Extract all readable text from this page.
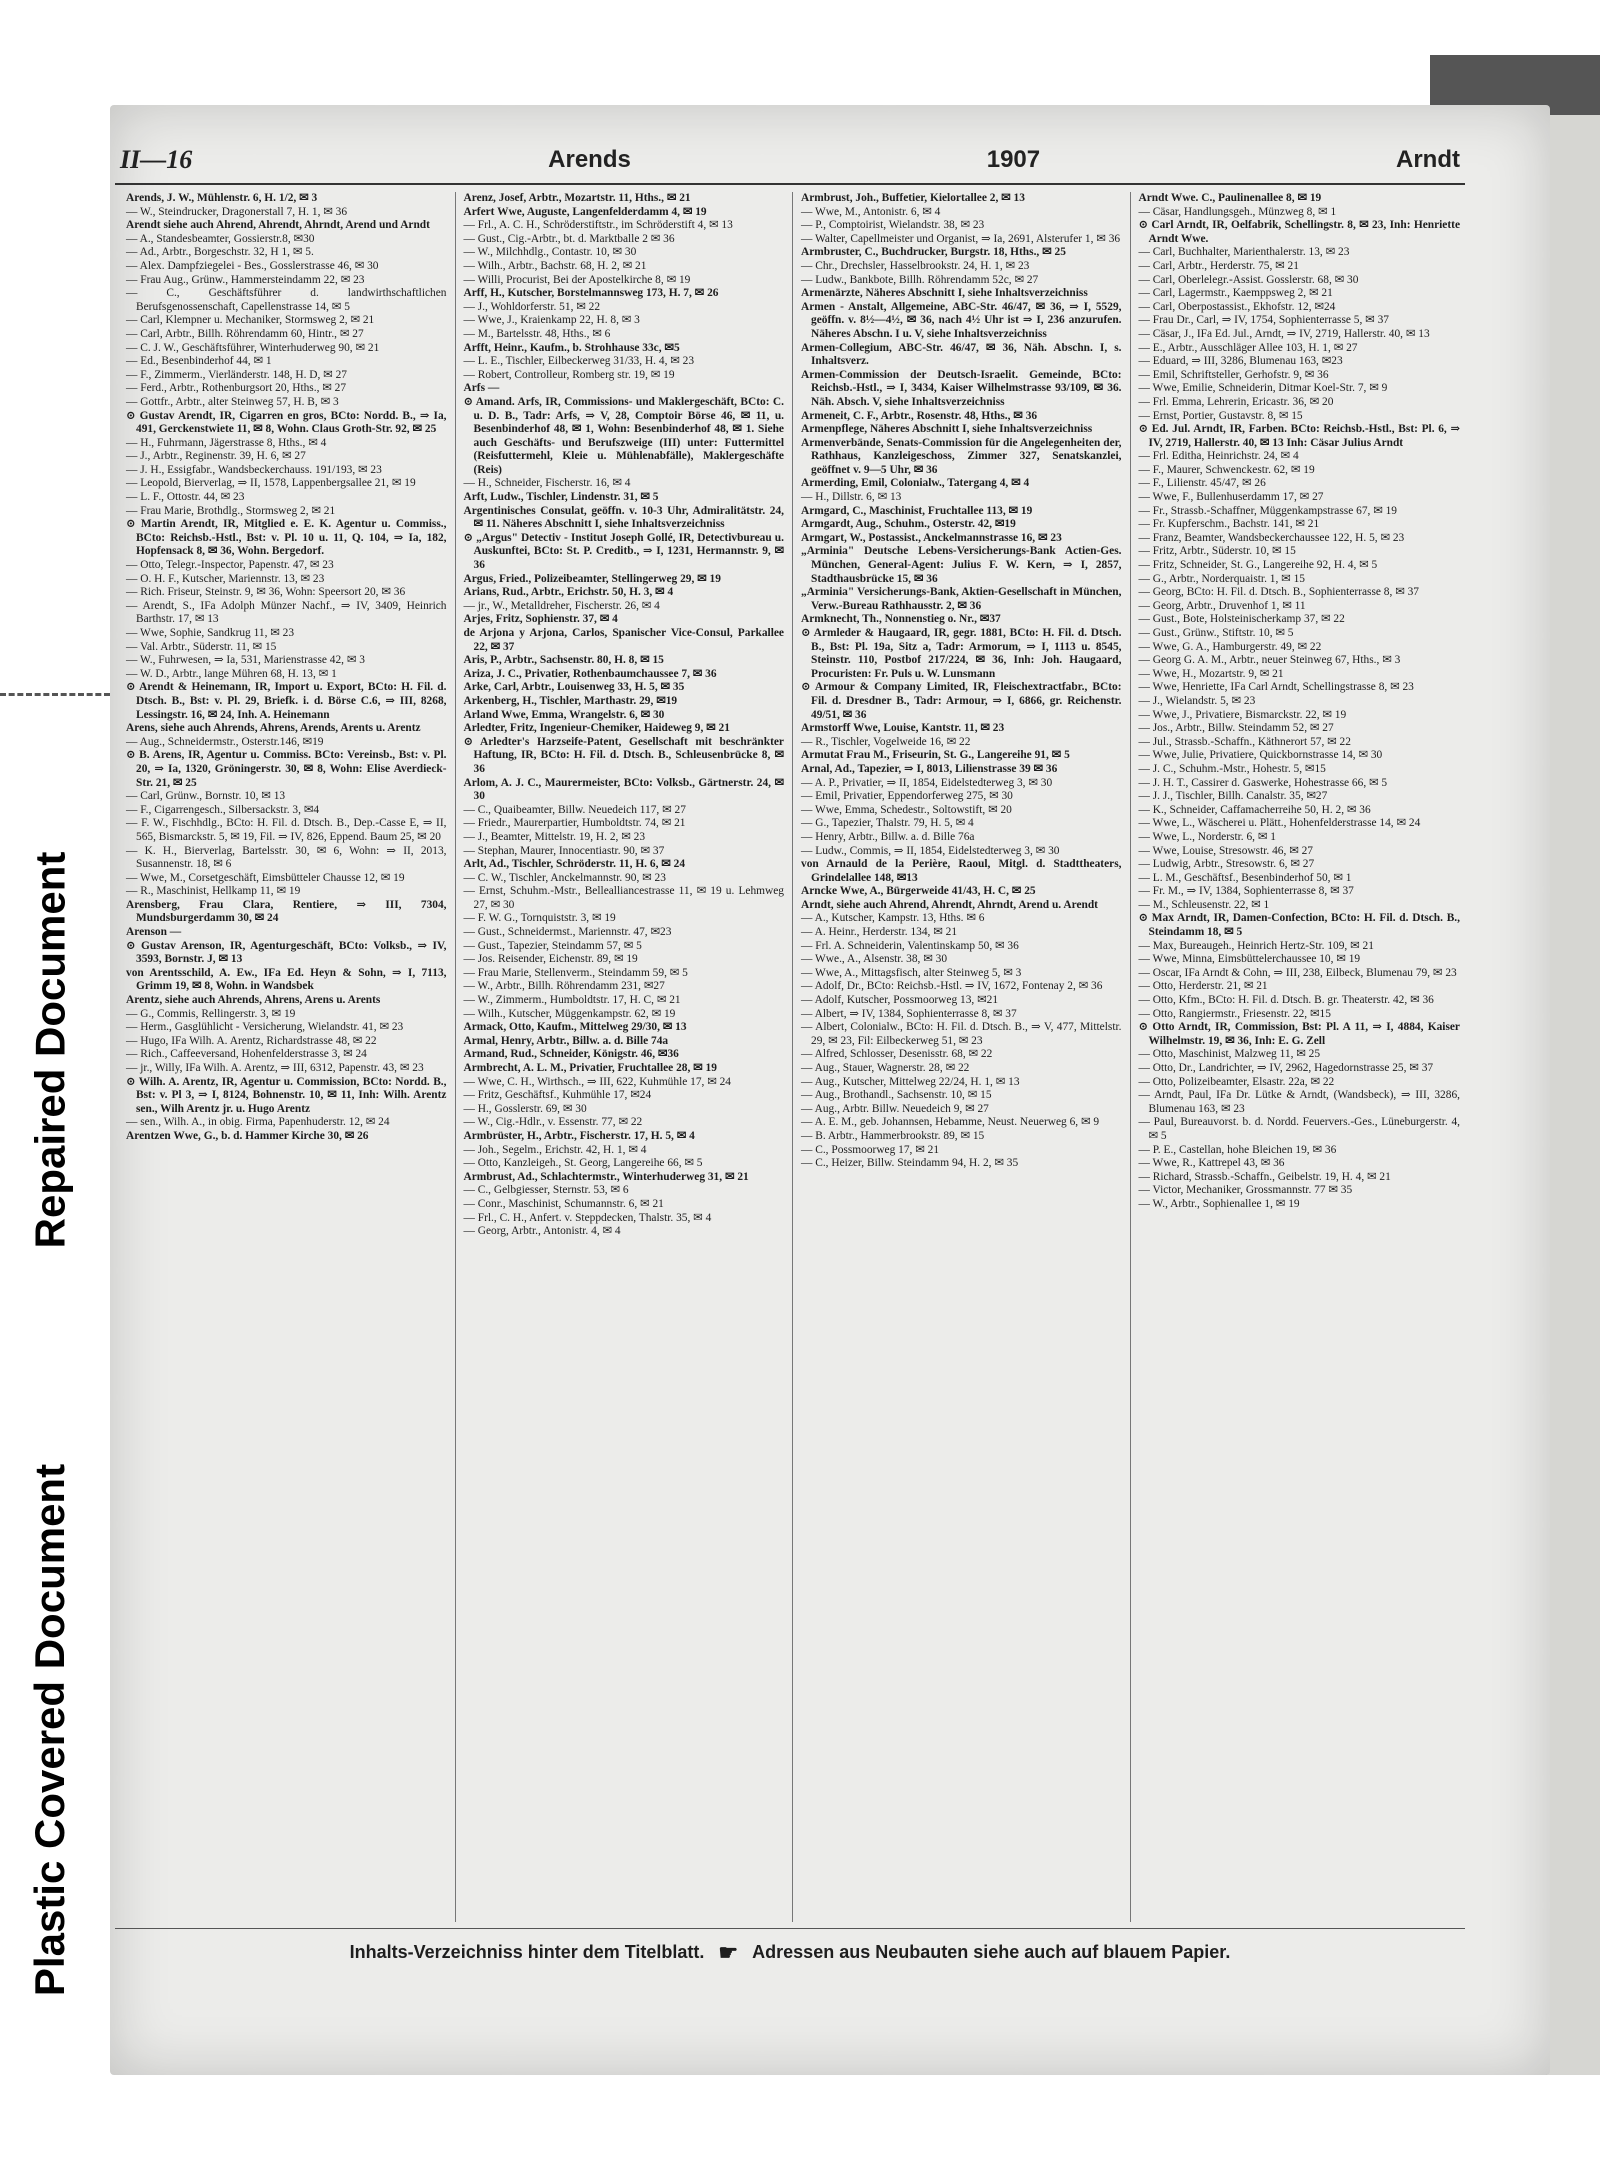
Repaired Document
Plastic Covered Document
II—16	Arends	1907	Arndt

Arends, J. W., Mühlenstr. 6, H. 1/2, ✉ 3

— W., Steindrucker, Dragonerstall 7, H. 1, ✉ 36

Arendt siehe auch Ahrend, Ahrendt, Ahrndt, Arend und Arndt

— A., Standesbeamter, Gossierstr.8, ✉30

— Ad., Arbtr., Borgeschstr. 32, H 1, ✉ 5.

— Alex. Dampfziegelei - Bes., Gosslerstrasse 46, ✉ 30

— Frau Aug., Grünw., Hammersteindamm 22, ✉ 23

— C., Geschäftsführer d. landwirthschaftlichen Berufsgenossenschaft, Capellenstrasse 14, ✉ 5

— Carl, Klempner u. Mechaniker, Stormsweg 2, ✉ 21

— Carl, Arbtr., Billh. Röhrendamm 60, Hintr., ✉ 27

— C. J. W., Geschäftsführer, Winterhuderweg 90, ✉ 21

— Ed., Besenbinderhof 44, ✉ 1

— F., Zimmerm., Vierländerstr. 148, H. D, ✉ 27

— Ferd., Arbtr., Rothenburgsort 20, Hths., ✉ 27

— Gottfr., Arbtr., alter Steinweg 57, H. B, ✉ 3

⊙ Gustav Arendt, IR, Cigarren en gros, BCto: Nordd. B., ⇒ Ia, 491, Gerckenstwiete 11, ✉ 8, Wohn. Claus Groth-Str. 92, ✉ 25

— H., Fuhrmann, Jägerstrasse 8, Hths., ✉ 4

— J., Arbtr., Reginenstr. 39, H. 6, ✉ 27

— J. H., Essigfabr., Wandsbeckerchauss. 191/193, ✉ 23

— Leopold, Bierverlag, ⇒ II, 1578, Lappenbergsallee 21, ✉ 19

— L. F., Ottostr. 44, ✉ 23

— Frau Marie, Brothdlg., Stormsweg 2, ✉ 21

⊙ Martin Arendt, IR, Mitglied e. E. K. Agentur u. Commiss., BCto: Reichsb.-Hstl., Bst: v. Pl. 10 u. 11, Q. 104, ⇒ Ia, 182, Hopfensack 8, ✉ 36, Wohn. Bergedorf.

— Otto, Telegr.-Inspector, Papenstr. 47, ✉ 23

— O. H. F., Kutscher, Mariennstr. 13, ✉ 23

— Rich. Friseur, Steinstr. 9, ✉ 36, Wohn: Speersort 20, ✉ 36

— Arendt, S., IFa Adolph Münzer Nachf., ⇒ IV, 3409, Heinrich Barthstr. 17, ✉ 13

— Wwe, Sophie, Sandkrug 11, ✉ 23

— Val. Arbtr., Süderstr. 11, ✉ 15

— W., Fuhrwesen, ⇒ Ia, 531, Marienstrasse 42, ✉ 3

— W. D., Arbtr., lange Mühren 68, H. 13, ✉ 1

⊙ Arendt & Heinemann, IR, Import u. Export, BCto: H. Fil. d. Dtsch. B., Bst: v. Pl. 29, Briefk. i. d. Börse C.6, ⇒ III, 8268, Lessingstr. 16, ✉ 24, Inh. A. Heinemann

Arens, siehe auch Ahrends, Ahrens, Arends, Arents u. Arentz

— Aug., Schneidermstr., Osterstr.146, ✉19

⊙ B. Arens, IR, Agentur u. Commiss. BCto: Vereinsb., Bst: v. Pl. 20, ⇒ Ia, 1320, Gröningerstr. 30, ✉ 8, Wohn: Elise Averdieck-Str. 21, ✉ 25

— Carl, Grünw., Bornstr. 10, ✉ 13

— F., Cigarrengesch., Silbersackstr. 3, ✉4

— F. W., Fischhdlg., BCto: H. Fil. d. Dtsch. B., Dep.-Casse E, ⇒ II, 565, Bismarckstr. 5, ✉ 19, Fil. ⇒ IV, 826, Eppend. Baum 25, ✉ 20

— K. H., Bierverlag, Bartelsstr. 30, ✉ 6, Wohn: ⇒ II, 2013, Susannenstr. 18, ✉ 6

— Wwe, M., Corsetgeschäft, Eimsbütteler Chausse 12, ✉ 19

— R., Maschinist, Hellkamp 11, ✉ 19

Arensberg, Frau Clara, Rentiere, ⇒ III, 7304, Mundsburgerdamm 30, ✉ 24

Arenson —

⊙ Gustav Arenson, IR, Agenturgeschäft, BCto: Volksb., ⇒ IV, 3593, Bornstr. J, ✉ 13

von Arentsschild, A. Ew., IFa Ed. Heyn & Sohn, ⇒ I, 7113, Grimm 19, ✉ 8, Wohn. in Wandsbek

Arentz, siehe auch Ahrends, Ahrens, Arens u. Arents

— G., Commis, Rellingerstr. 3, ✉ 19

— Herm., Gasglühlicht - Versicherung, Wielandstr. 41, ✉ 23

— Hugo, IFa Wilh. A. Arentz, Richardstrasse 48, ✉ 22

— Rich., Caffeeversand, Hohenfelderstrasse 3, ✉ 24

— jr., Willy, IFa Wilh. A. Arentz, ⇒ III, 6312, Papenstr. 43, ✉ 23

⊙ Wilh. A. Arentz, IR, Agentur u. Commission, BCto: Nordd. B., Bst: v. Pl 3, ⇒ I, 8124, Bohnenstr. 10, ✉ 11, Inh: Wilh. Arentz sen., Wilh Arentz jr. u. Hugo Arentz

— sen., Wilh. A., in obig. Firma, Papenhuderstr. 12, ✉ 24

Arentzen Wwe, G., b. d. Hammer Kirche 30, ✉ 26

Arenz, Josef, Arbtr., Mozartstr. 11, Hths., ✉ 21

Arfert Wwe, Auguste, Langenfelderdamm 4, ✉ 19

— Frl., A. C. H., Schröderstiftstr., im Schröderstift 4, ✉ 13

— Gust., Cig.-Arbtr., bt. d. Marktballe 2 ✉ 36

— W., Milchhdlg., Contastr. 10, ✉ 30

— Wilh., Arbtr., Bachstr. 68, H. 2, ✉ 21

— Willi, Procurist, Bei der Apostelkirche 8, ✉ 19

Arff, H., Kutscher, Borstelmannsweg 173, H. 7, ✉ 26

— J., Wohldorferstr. 51, ✉ 22

— Wwe, J., Kraienkamp 22, H. 8, ✉ 3

— M., Bartelsstr. 48, Hths., ✉ 6

Arfft, Heinr., Kaufm., b. Strohhause 33c, ✉5

— L. E., Tischler, Eilbeckerweg 31/33, H. 4, ✉ 23

— Robert, Controlleur, Romberg str. 19, ✉ 19

Arfs —

⊙ Amand. Arfs, IR, Commissions- und Maklergeschäft, BCto: C. u. D. B., Tadr: Arfs, ⇒ V, 28, Comptoir Börse 46, ✉ 11, u. Besenbinderhof 48, ✉ 1, Wohn: Besenbinderhof 48, ✉ 1. Siehe auch Geschäfts- und Berufszweige (III) unter: Futtermittel (Reisfuttermehl, Kleie u. Mühlenabfälle), Maklergeschäfte (Reis)

— H., Schneider, Fischerstr. 16, ✉ 4

Arft, Ludw., Tischler, Lindenstr. 31, ✉ 5

Argentinisches Consulat, geöffn. v. 10-3 Uhr, Admiralitätstr. 24, ✉ 11. Näheres Abschnitt I, siehe Inhaltsverzeichniss

⊙ „Argus" Detectiv - Institut Joseph Gollé, IR, Detectivbureau u. Auskunftei, BCto: St. P. Creditb., ⇒ I, 1231, Hermannstr. 9, ✉ 36

Argus, Fried., Polizeibeamter, Stellingerweg 29, ✉ 19

Arians, Rud., Arbtr., Erichstr. 50, H. 3, ✉ 4

— jr., W., Metalldreher, Fischerstr. 26, ✉ 4

Arjes, Fritz, Sophienstr. 37, ✉ 4

de Arjona y Arjona, Carlos, Spanischer Vice-Consul, Parkallee 22, ✉ 37

Aris, P., Arbtr., Sachsenstr. 80, H. 8, ✉ 15

Ariza, J. C., Privatier, Rothenbaumchaussee 7, ✉ 36

Arke, Carl, Arbtr., Louisenweg 33, H. 5, ✉ 35

Arkenberg, H., Tischler, Marthastr. 29, ✉19

Arland Wwe, Emma, Wrangelstr. 6, ✉ 30

Arledter, Fritz, Ingenieur-Chemiker, Haideweg 9, ✉ 21

⊙ Arledter's Harzseife-Patent, Gesellschaft mit beschränkter Haftung, IR, BCto: H. Fil. d. Dtsch. B., Schleusenbrücke 8, ✉ 36

Arlom, A. J. C., Maurermeister, BCto: Volksb., Gärtnerstr. 24, ✉ 30

— C., Quaibeamter, Billw. Neuedeich 117, ✉ 27

— Friedr., Maurerpartier, Humboldtstr. 74, ✉ 21

— J., Beamter, Mittelstr. 19, H. 2, ✉ 23

— Stephan, Maurer, Innocentiastr. 90, ✉ 37

Arlt, Ad., Tischler, Schröderstr. 11, H. 6, ✉ 24

— C. W., Tischler, Anckelmannstr. 90, ✉ 23

— Ernst, Schuhm.-Mstr., Bellealliancestrasse 11, ✉ 19 u. Lehmweg 27, ✉ 30

— F. W. G., Tornquiststr. 3, ✉ 19

— Gust., Schneidermst., Mariennstr. 47, ✉23

— Gust., Tapezier, Steindamm 57, ✉ 5

— Jos. Reisender, Eichenstr. 89, ✉ 19

— Frau Marie, Stellenverm., Steindamm 59, ✉ 5

— W., Arbtr., Billh. Röhrendamm 231, ✉27

— W., Zimmerm., Humboldtstr. 17, H. C, ✉ 21

— Wilh., Kutscher, Müggenkampstr. 62, ✉ 19

Armack, Otto, Kaufm., Mittelweg 29/30, ✉ 13

Armal, Henry, Arbtr., Billw. a. d. Bille 74a

Armand, Rud., Schneider, Königstr. 46, ✉36

Armbrecht, A. L. M., Privatier, Fruchtallee 28, ✉ 19

— Wwe, C. H., Wirthsch., ⇒ III, 622, Kuhmühle 17, ✉ 24

— Fritz, Geschäftsf., Kuhmühle 17, ✉24

— H., Gosslerstr. 69, ✉ 30

— W., Cig.-Hdlr., v. Essenstr. 77, ✉ 22

Armbrüster, H., Arbtr., Fischerstr. 17, H. 5, ✉ 4

— Joh., Segelm., Erichstr. 42, H. 1, ✉ 4

— Otto, Kanzleigeh., St. Georg, Langereihe 66, ✉ 5

Armbrust, Ad., Schlachtermstr., Winterhuderweg 31, ✉ 21

— C., Gelbgiesser, Sternstr. 53, ✉ 6

— Conr., Maschinist, Schumannstr. 6, ✉ 21

— Frl., C. H., Anfert. v. Steppdecken, Thalstr. 35, ✉ 4

— Georg, Arbtr., Antonistr. 4, ✉ 4

Armbrust, Joh., Buffetier, Kielortallee 2, ✉ 13

— Wwe, M., Antonistr. 6, ✉ 4

— P., Comptoirist, Wielandstr. 38, ✉ 23

— Walter, Capellmeister und Organist, ⇒ Ia, 2691, Alsterufer 1, ✉ 36

Armbruster, C., Buchdrucker, Burgstr. 18, Hths., ✉ 25

— Chr., Drechsler, Hasselbrookstr. 24, H. 1, ✉ 23

— Ludw., Bankbote, Billh. Röhrendamm 52c, ✉ 27

Armenärzte, Näheres Abschnitt I, siehe Inhaltsverzeichniss

Armen - Anstalt, Allgemeine, ABC-Str. 46/47, ✉ 36, ⇒ I, 5529, geöffn. v. 8½—4½, ✉ 36, nach 4½ Uhr ist ⇒ I, 236 anzurufen. Näheres Abschn. I u. V, siehe Inhaltsverzeichniss

Armen-Collegium, ABC-Str. 46/47, ✉ 36, Näh. Abschn. I, s. Inhaltsverz.

Armen-Commission der Deutsch-Israelit. Gemeinde, BCto: Reichsb.-Hstl., ⇒ I, 3434, Kaiser Wilhelmstrasse 93/109, ✉ 36. Näh. Absch. V, siehe Inhaltsverzeichniss

Armeneit, C. F., Arbtr., Rosenstr. 48, Hths., ✉ 36

Armenpflege, Näheres Abschnitt I, siehe Inhaltsverzeichniss

Armenverbände, Senats-Commission für die Angelegenheiten der, Rathhaus, Kanzleigeschoss, Zimmer 327, Senatskanzlei, geöffnet v. 9—5 Uhr, ✉ 36

Armerding, Emil, Colonialw., Tatergang 4, ✉ 4

— H., Dillstr. 6, ✉ 13

Armgard, C., Maschinist, Fruchtallee 113, ✉ 19

Armgardt, Aug., Schuhm., Osterstr. 42, ✉19

Armgart, W., Postassist., Anckelmannstrasse 16, ✉ 23

„Arminia" Deutsche Lebens-Versicherungs-Bank Actien-Ges. München, General-Agent: Julius F. W. Kern, ⇒ I, 2857, Stadthausbrücke 15, ✉ 36

„Arminia" Versicherungs-Bank, Aktien-Gesellschaft in München, Verw.-Bureau Rathhausstr. 2, ✉ 36

Armknecht, Th., Nonnenstieg o. Nr., ✉37

⊙ Armleder & Haugaard, IR, gegr. 1881, BCto: H. Fil. d. Dtsch. B., Bst: Pl. 19a, Sitz a, Tadr: Armorum, ⇒ I, 1113 u. 8545, Steinstr. 110, Postbof 217/224, ✉ 36, Inh: Joh. Haugaard, Procuristen: Fr. Puls u. W. Lunsmann

⊙ Armour & Company Limited, IR, Fleischextractfabr., BCto: Fil. d. Dresdner B., Tadr: Armour, ⇒ I, 6866, gr. Reichenstr. 49/51, ✉ 36

Armstorff Wwe, Louise, Kantstr. 11, ✉ 23

— R., Tischler, Vogelweide 16, ✉ 22

Armutat Frau M., Friseurin, St. G., Langereihe 91, ✉ 5

Arnal, Ad., Tapezier, ⇒ I, 8013, Lilienstrasse 39 ✉ 36

— A. P., Privatier, ⇒ II, 1854, Eidelstedterweg 3, ✉ 30

— Emil, Privatier, Eppendorferweg 275, ✉ 30

— Wwe, Emma, Schedestr., Soltowstift, ✉ 20

— G., Tapezier, Thalstr. 79, H. 5, ✉ 4

— Henry, Arbtr., Billw. a. d. Bille 76a

— Ludw., Commis, ⇒ II, 1854, Eidelstedterweg 3, ✉ 30

von Arnauld de la Perière, Raoul, Mitgl. d. Stadttheaters, Grindelallee 148, ✉13

Arncke Wwe, A., Bürgerweide 41/43, H. C, ✉ 25

Arndt, siehe auch Ahrend, Ahrendt, Ahrndt, Arend u. Arendt

— A., Kutscher, Kampstr. 13, Hths. ✉ 6

— A. Heinr., Herderstr. 134, ✉ 21

— Frl. A. Schneiderin, Valentinskamp 50, ✉ 36

— Wwe., A., Alsenstr. 38, ✉ 30

— Wwe, A., Mittagsfisch, alter Steinweg 5, ✉ 3

— Adolf, Dr., BCto: Reichsb.-Hstl. ⇒ IV, 1672, Fontenay 2, ✉ 36

— Adolf, Kutscher, Possmoorweg 13, ✉21

— Albert, ⇒ IV, 1384, Sophienterrasse 8, ✉ 37

— Albert, Colonialw., BCto: H. Fil. d. Dtsch. B., ⇒ V, 477, Mittelstr. 29, ✉ 23, Fil: Eilbeckerweg 51, ✉ 23

— Alfred, Schlosser, Desenisstr. 68, ✉ 22

— Aug., Stauer, Wagnerstr. 28, ✉ 22

— Aug., Kutscher, Mittelweg 22/24, H. 1, ✉ 13

— Aug., Brothandl., Sachsenstr. 10, ✉ 15

— Aug., Arbtr. Billw. Neuedeich 9, ✉ 27

— A. E. M., geb. Johannsen, Hebamme, Neust. Neuerweg 6, ✉ 9

— B. Arbtr., Hammerbrookstr. 89, ✉ 15

— C., Possmoorweg 17, ✉ 21

— C., Heizer, Billw. Steindamm 94, H. 2, ✉ 35

Arndt Wwe. C., Paulinenallee 8, ✉ 19

— Cäsar, Handlungsgeh., Münzweg 8, ✉ 1

⊙ Carl Arndt, IR, Oelfabrik, Schellingstr. 8, ✉ 23, Inh: Henriette Arndt Wwe.

— Carl, Buchhalter, Marienthalerstr. 13, ✉ 23

— Carl, Arbtr., Herderstr. 75, ✉ 21

— Carl, Oberlelegr.-Assist. Gosslerstr. 68, ✉ 30

— Carl, Lagermstr., Kaemppsweg 2, ✉ 21

— Carl, Oberpostassist., Ekhofstr. 12, ✉24

— Frau Dr., Carl, ⇒ IV, 1754, Sophienterrasse 5, ✉ 37

— Cäsar, J., IFa Ed. Jul., Arndt, ⇒ IV, 2719, Hallerstr. 40, ✉ 13

— E., Arbtr., Ausschläger Allee 103, H. 1, ✉ 27

— Eduard, ⇒ III, 3286, Blumenau 163, ✉23

— Emil, Schriftsteller, Gerhofstr. 9, ✉ 36

— Wwe, Emilie, Schneiderin, Ditmar Koel-Str. 7, ✉ 9

— Frl. Emma, Lehrerin, Ericastr. 36, ✉ 20

— Ernst, Portier, Gustavstr. 8, ✉ 15

⊙ Ed. Jul. Arndt, IR, Farben. BCto: Reichsb.-Hstl., Bst: Pl. 6, ⇒ IV, 2719, Hallerstr. 40, ✉ 13 Inh: Cäsar Julius Arndt

— Frl. Editha, Heinrichstr. 24, ✉ 4

— F., Maurer, Schwenckestr. 62, ✉ 19

— F., Lilienstr. 45/47, ✉ 26

— Wwe, F., Bullenhuserdamm 17, ✉ 27

— Fr., Strassb.-Schaffner, Müggenkampstrasse 67, ✉ 19

— Fr. Kupferschm., Bachstr. 141, ✉ 21

— Franz, Beamter, Wandsbeckerchaussee 122, H. 5, ✉ 23

— Fritz, Arbtr., Süderstr. 10, ✉ 15

— Fritz, Schneider, St. G., Langereihe 92, H. 4, ✉ 5

— G., Arbtr., Norderquaistr. 1, ✉ 15

— Georg, BCto: H. Fil. d. Dtsch. B., Sophienterrasse 8, ✉ 37

— Georg, Arbtr., Druvenhof 1, ✉ 11

— Gust., Bote, Holsteinischerkamp 37, ✉ 22

— Gust., Grünw., Stiftstr. 10, ✉ 5

— Wwe, G. A., Hamburgerstr. 49, ✉ 22

— Georg G. A. M., Arbtr., neuer Steinweg 67, Hths., ✉ 3

— Wwe, H., Mozartstr. 9, ✉ 21

— Wwe, Henriette, IFa Carl Arndt, Schellingstrasse 8, ✉ 23

— J., Wielandstr. 5, ✉ 23

— Wwe, J., Privatiere, Bismarckstr. 22, ✉ 19

— Jos., Arbtr., Billw. Steindamm 52, ✉ 27

— Jul., Strassb.-Schaffn., Käthnerort 57, ✉ 22

— Wwe, Julie, Privatiere, Quickbornstrasse 14, ✉ 30

— J. C., Schuhm.-Mstr., Hohestr. 5, ✉15

— J. H. T., Cassirer d. Gaswerke, Hohestrasse 66, ✉ 5

— J. J., Tischler, Billh. Canalstr. 35, ✉27

— K., Schneider, Caffamacherreihe 50, H. 2, ✉ 36

— Wwe, L., Wäscherei u. Plätt., Hohenfelderstrasse 14, ✉ 24

— Wwe, L., Norderstr. 6, ✉ 1

— Wwe, Louise, Stresowstr. 46, ✉ 27

— Ludwig, Arbtr., Stresowstr. 6, ✉ 27

— L. M., Geschäftsf., Besenbinderhof 50, ✉ 1

— Fr. M., ⇒ IV, 1384, Sophienterrasse 8, ✉ 37

— M., Schleusenstr. 22, ✉ 1

⊙ Max Arndt, IR, Damen-Confection, BCto: H. Fil. d. Dtsch. B., Steindamm 18, ✉ 5

— Max, Bureaugeh., Heinrich Hertz-Str. 109, ✉ 21

— Wwe, Minna, Eimsbüttelerchaussee 10, ✉ 19

— Oscar, IFa Arndt & Cohn, ⇒ III, 238, Eilbeck, Blumenau 79, ✉ 23

— Otto, Herderstr. 21, ✉ 21

— Otto, Kfm., BCto: H. Fil. d. Dtsch. B. gr. Theaterstr. 42, ✉ 36

— Otto, Rangiermstr., Friesenstr. 22, ✉15

⊙ Otto Arndt, IR, Commission, Bst: Pl. A 11, ⇒ I, 4884, Kaiser Wilhelmstr. 19, ✉ 36, Inh: E. G. Zell

— Otto, Maschinist, Malzweg 11, ✉ 25

— Otto, Dr., Landrichter, ⇒ IV, 2962, Hagedornstrasse 25, ✉ 37

— Otto, Polizeibeamter, Elsastr. 22a, ✉ 22

— Arndt, Paul, IFa Dr. Lütke & Arndt, (Wandsbeck), ⇒ III, 3286, Blumenau 163, ✉ 23

— Paul, Bureauvorst. b. d. Nordd. Feuervers.-Ges., Lüneburgerstr. 4, ✉ 5

— P. E., Castellan, hohe Bleichen 19, ✉ 36

— Wwe, R., Kattrepel 43, ✉ 36

— Richard, Strassb.-Schaffn., Geibelstr. 19, H. 4, ✉ 21

— Victor, Mechaniker, Grossmannstr. 77 ✉ 35

— W., Arbtr., Sophienallee 1, ✉ 19

Inhalts-Verzeichniss hinter dem Titelblatt. ☛ Adressen aus Neubauten siehe auch auf blauem Papier.
